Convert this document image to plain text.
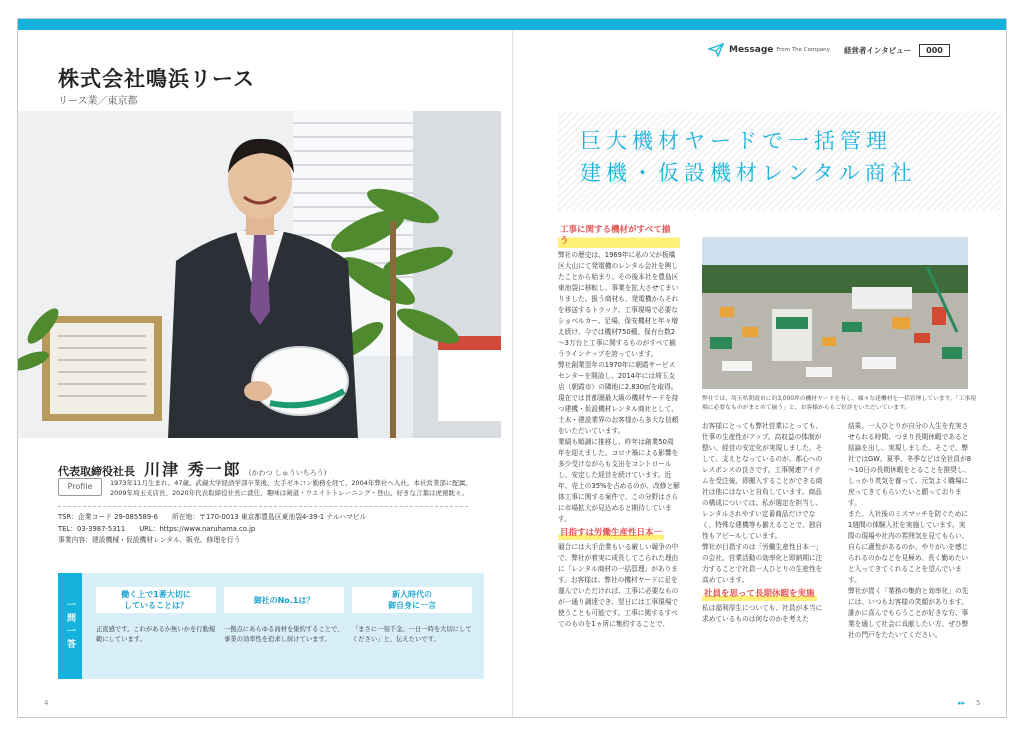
株式会社鳴浜リース
リース業／東京都
代表取締役社長 川津 秀一郎 (かわつ しゅういちろう)
Profile	1973年11月生まれ。47歳。武蔵大学経済学部卒業後、大手ゼネコン勤務を経て、2004年弊社へ入社。本社営業部に配属。2009年埼玉支店長、2020年代表取締役社長に就任。趣味は剣道・ウエイトトレーニング・登山。好きな言葉は虎視眈々。
TSR：企業コード 29-085589-6 所在地：〒170-0013 東京都豊島区東池袋4-39-1 ナルハマビル
TEL：03-3987-5311 URL：https://www.naruhama.co.jp
事業内容：建設機械・仮設機材レンタル、販売、修理を行う
一問一答
働く上で1番大切に
していることは？
正直感です。これがあるか無いかを行動規範にしています。
御社のNo.1は？
一拠点にあらゆる商材を集約することで、事業の効率性を追求し続けています。
新人時代の
御自身に一言
「まさに一刻千金。一日一時を大切にしてください」と、伝えたいです。
4
Message From The Company 経営者インタビュー	000
巨大機材ヤードで一括管理
建機・仮設機材レンタル商社
工事に関する機材がすべて揃う

弊社の歴史は、1969年に私の父が板橋区大山にて発電機のレンタル会社を興したことから始まり、その後本社を豊島区東池袋に移転し、事業を拡大させてまいりました。扱う商材も、発電機からそれを移送するトラック、工事現場で必要なショベルカー、足場、保安機材と年々増え続け、今では機材750種、保有台数2～3万台と工事に関するものがすべて揃うラインナップを誇っています。

弊社創業翌年の1970年に朝霞サービスセンターを開設し、2014年には埼玉支店（朝霞市）の隣地に2,830㎡を取得。現在では首都圏最大級の機材ヤードを持つ建機・仮設機材レンタル商社として、土木・建設業界のお客様から多大な信頼をいただいています。

業績も順調に推移し、昨年は創業50周年を迎えました。コロナ禍による影響を多少受けながらも支出をコントロールし、安定した経営を続けています。近年、売上の35%を占めるのが、改修と解体工事に関する案件で、この分野はさらに市場拡大が見込めると期待しています。

目指すは労働生産性日本一

競合には大手企業もいる厳しい競争の中で、弊社が着実に成長してこられた理由に「レンタル商材の一括管理」があります。お客様は、弊社の機材ヤードに足を運んでいただければ、工事に必要なものが一通り調達でき、翌日には工事現場で使うことも可能です。工事に関するすべてのものを1ヵ所に集約することで、

弊社では、埼玉県朝霞市に約3,000坪の機材ヤードを有し、様々な建機材を一括管理しています。「工事現場に必要なものがまとめて揃う」と、お客様からもご好評をいただいています。

お客様にとっても弊社営業にとっても、仕事の生産性がアップ。高収益の体制が整い、経営の安定化が実現しました。そして、支えとなっているのが、都心へのレスポンスの良さです。工事関連アイテムを受注後、即搬入することができる商社は他にはないと自負しています。商品の構成については、私が選定を担当し、レンタルされやすい定番商品だけでなく、特殊な建機等も揃えることで、独自性もアピールしています。

弊社が目指すのは「労働生産性日本一」の会社。営業活動の効率化と即納期に注力することで社員一人ひとりの生産性を高めています。

社員を思って長期休暇を実施

私は福利厚生についても、社員が本当に求めているものは何なのかを考えた

結果、一人ひとりが自分の人生を充実させられる時間、つまり長期休暇であると結論を出し、実現しました。そこで、弊社ではGW、夏季、冬季などは全社員が8～10日の長期休暇をとることを推奨し、しっかり英気を養って、元気よく職場に戻ってきてもらいたいと願っております。

また、入社後のミスマッチを防ぐために1週間の体験入社を実施しています。実際の現場や社内の雰囲気を見てもらい、自らに適性があるのか、やりがいを感じられるのかなどを見極め、長く勤めたいと入ってきてくれることを望んでいます。

弊社が貫く「業務の集約と効率化」の先には、いつもお客様の笑顔があります。誰かに喜んでもらうことが好きな方、事業を通して社会に貢献したい方、ぜひ弊社の門戸をたたいてください。

▸▸ 5
